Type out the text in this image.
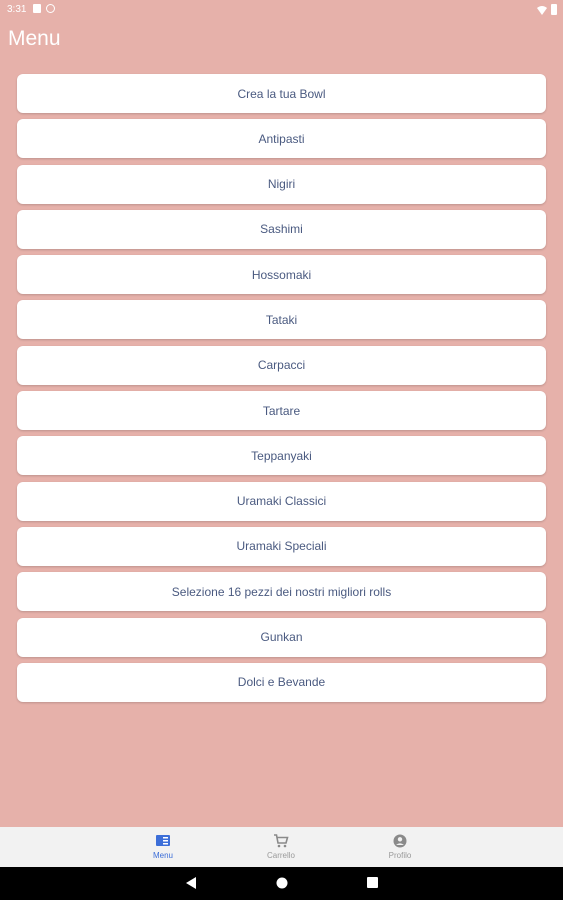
3:31
Menu
Crea la tua Bowl
Antipasti
Nigiri
Sashimi
Hossomaki
Tataki
Carpacci
Tartare
Teppanyaki
Uramaki Classici
Uramaki Speciali
Selezione 16 pezzi dei nostri migliori rolls
Gunkan
Dolci e Bevande
Menu	Carrello	Profilo
